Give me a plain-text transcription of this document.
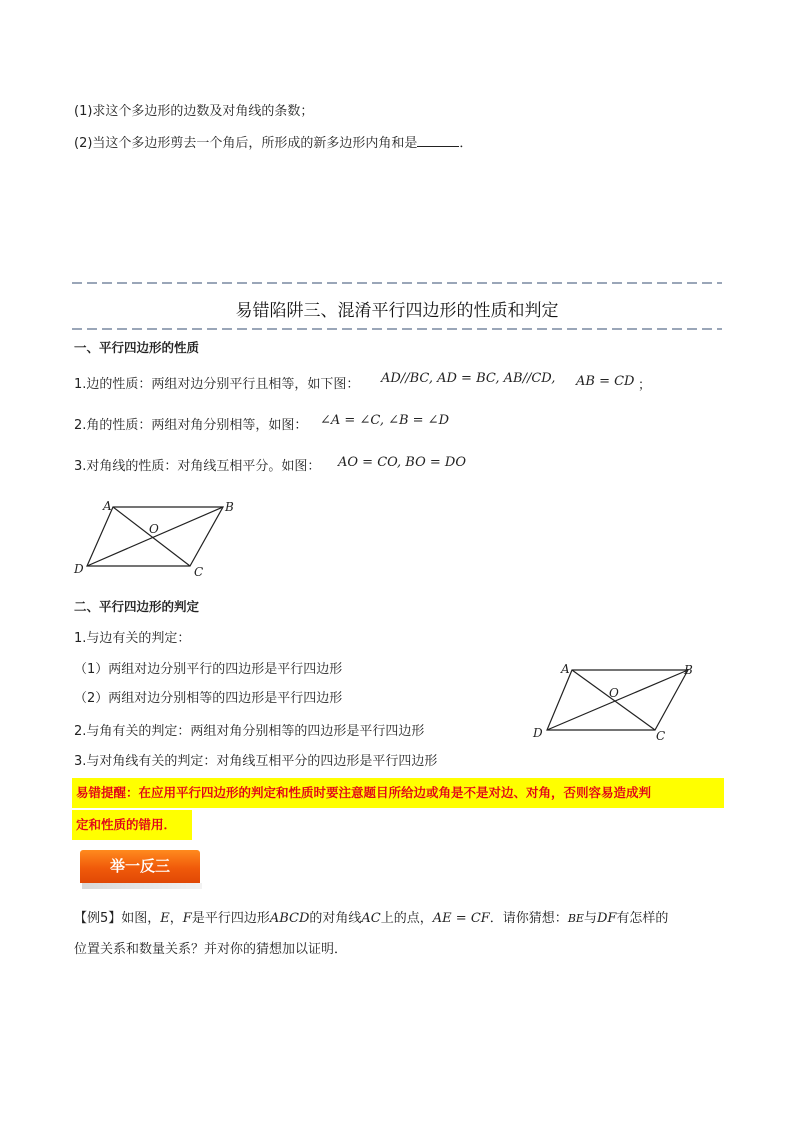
(1)求这个多边形的边数及对角线的条数；
(2)当这个多边形剪去一个角后，所形成的新多边形内角和是	．
易错陷阱三、混淆平行四边形的性质和判定
一、平行四边形的性质
1.边的性质：两组对边分别平行且相等，如下图： AD//BC, AD = BC, AB//CD, AB = CD ；
2.角的性质：两组对角分别相等，如图： ∠A = ∠C, ∠B = ∠D
3.对角线的性质：对角线互相平分。如图： AO = CO, BO = DO
A	B
C
D
O
二、平行四边形的判定
1.与边有关的判定：
（1）两组对边分别平行的四边形是平行四边形
（2）两组对边分别相等的四边形是平行四边形
2.与角有关的判定：两组对角分别相等的四边形是平行四边形
3.与对角线有关的判定：对角线互相平分的四边形是平行四边形
A	B
C
D
O
易错提醒：在应用平行四边形的判定和性质时要注意题目所给边或角是不是对边、对角，否则容易造成判
定和性质的错用．
举一反三
【例5】如图，E，F是平行四边形ABCD的对角线AC上的点，AE = CF．请你猜想：BE与DF有怎样的
位置关系和数量关系？并对你的猜想加以证明．
